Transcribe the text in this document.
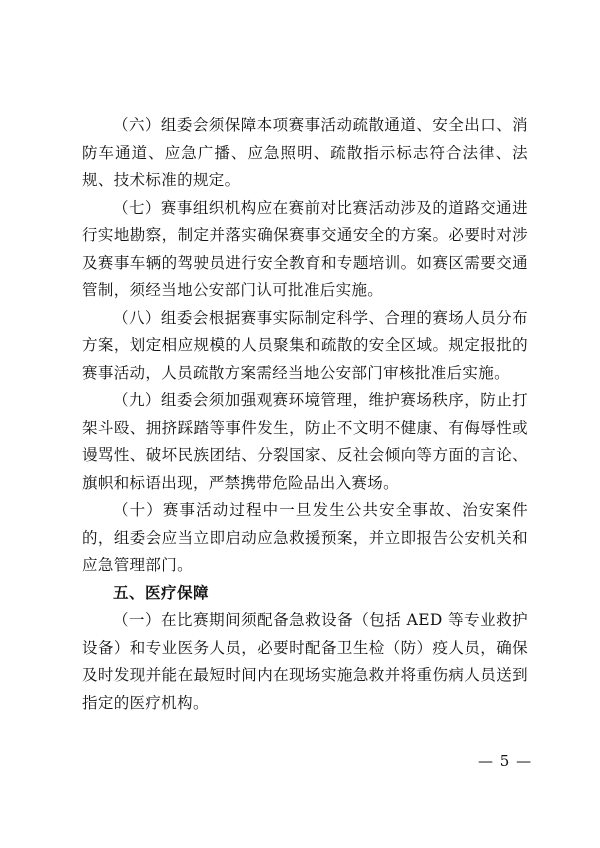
（六）组委会须保障本项赛事活动疏散通道、安全出口、消防车通道、应急广播、应急照明、疏散指示标志符合法律、法规、技术标准的规定。

（七）赛事组织机构应在赛前对比赛活动涉及的道路交通进行实地勘察，制定并落实确保赛事交通安全的方案。必要时对涉及赛事车辆的驾驶员进行安全教育和专题培训。如赛区需要交通管制，须经当地公安部门认可批准后实施。

（八）组委会根据赛事实际制定科学、合理的赛场人员分布方案，划定相应规模的人员聚集和疏散的安全区域。规定报批的赛事活动，人员疏散方案需经当地公安部门审核批准后实施。

（九）组委会须加强观赛环境管理，维护赛场秩序，防止打架斗殴、拥挤踩踏等事件发生，防止不文明不健康、有侮辱性或谩骂性、破坏民族团结、分裂国家、反社会倾向等方面的言论、旗帜和标语出现，严禁携带危险品出入赛场。

（十）赛事活动过程中一旦发生公共安全事故、治安案件的，组委会应当立即启动应急救援预案，并立即报告公安机关和应急管理部门。

五、医疗保障

（一）在比赛期间须配备急救设备（包括 AED 等专业救护设备）和专业医务人员，必要时配备卫生检（防）疫人员，确保及时发现并能在最短时间内在现场实施急救并将重伤病人员送到指定的医疗机构。

— 5 —
